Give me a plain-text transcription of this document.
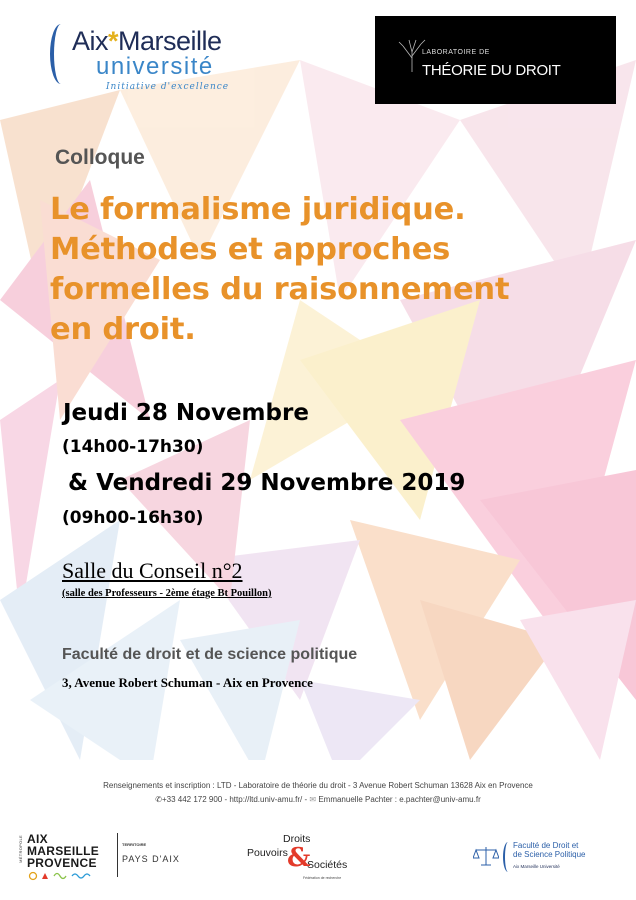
Aix*Marseille
université
Initiative d'excellence
LABORATOIRE DE
THÉORIE DU DROIT
Colloque
Le formalisme juridique.
Méthodes et approches
formelles du raisonnement
en droit.
Jeudi 28 Novembre
(14h00-17h30)
& Vendredi 29 Novembre 2019
(09h00-16h30)
Salle du Conseil n°2
(salle des Professeurs - 2ème étage Bt Pouillon)
Faculté de droit et de science politique
3, Avenue Robert Schuman - Aix en Provence
Renseignements et inscription : LTD - Laboratoire de théorie du droit - 3 Avenue Robert Schuman 13628 Aix en Provence
✆+33 442 172 900 - http://ltd.univ-amu.fr/ - ✉ Emmanuelle Pachter : e.pachter@univ-amu.fr
MÉTROPOLE AIX
MARSEILLE
PROVENCE
TERRITOIRE
PAYS D'AIX
Droits
Pouvoirs &
Sociétés
Fédération de recherche
Faculté de Droit et
de Science Politique
Aix Marseille Université
